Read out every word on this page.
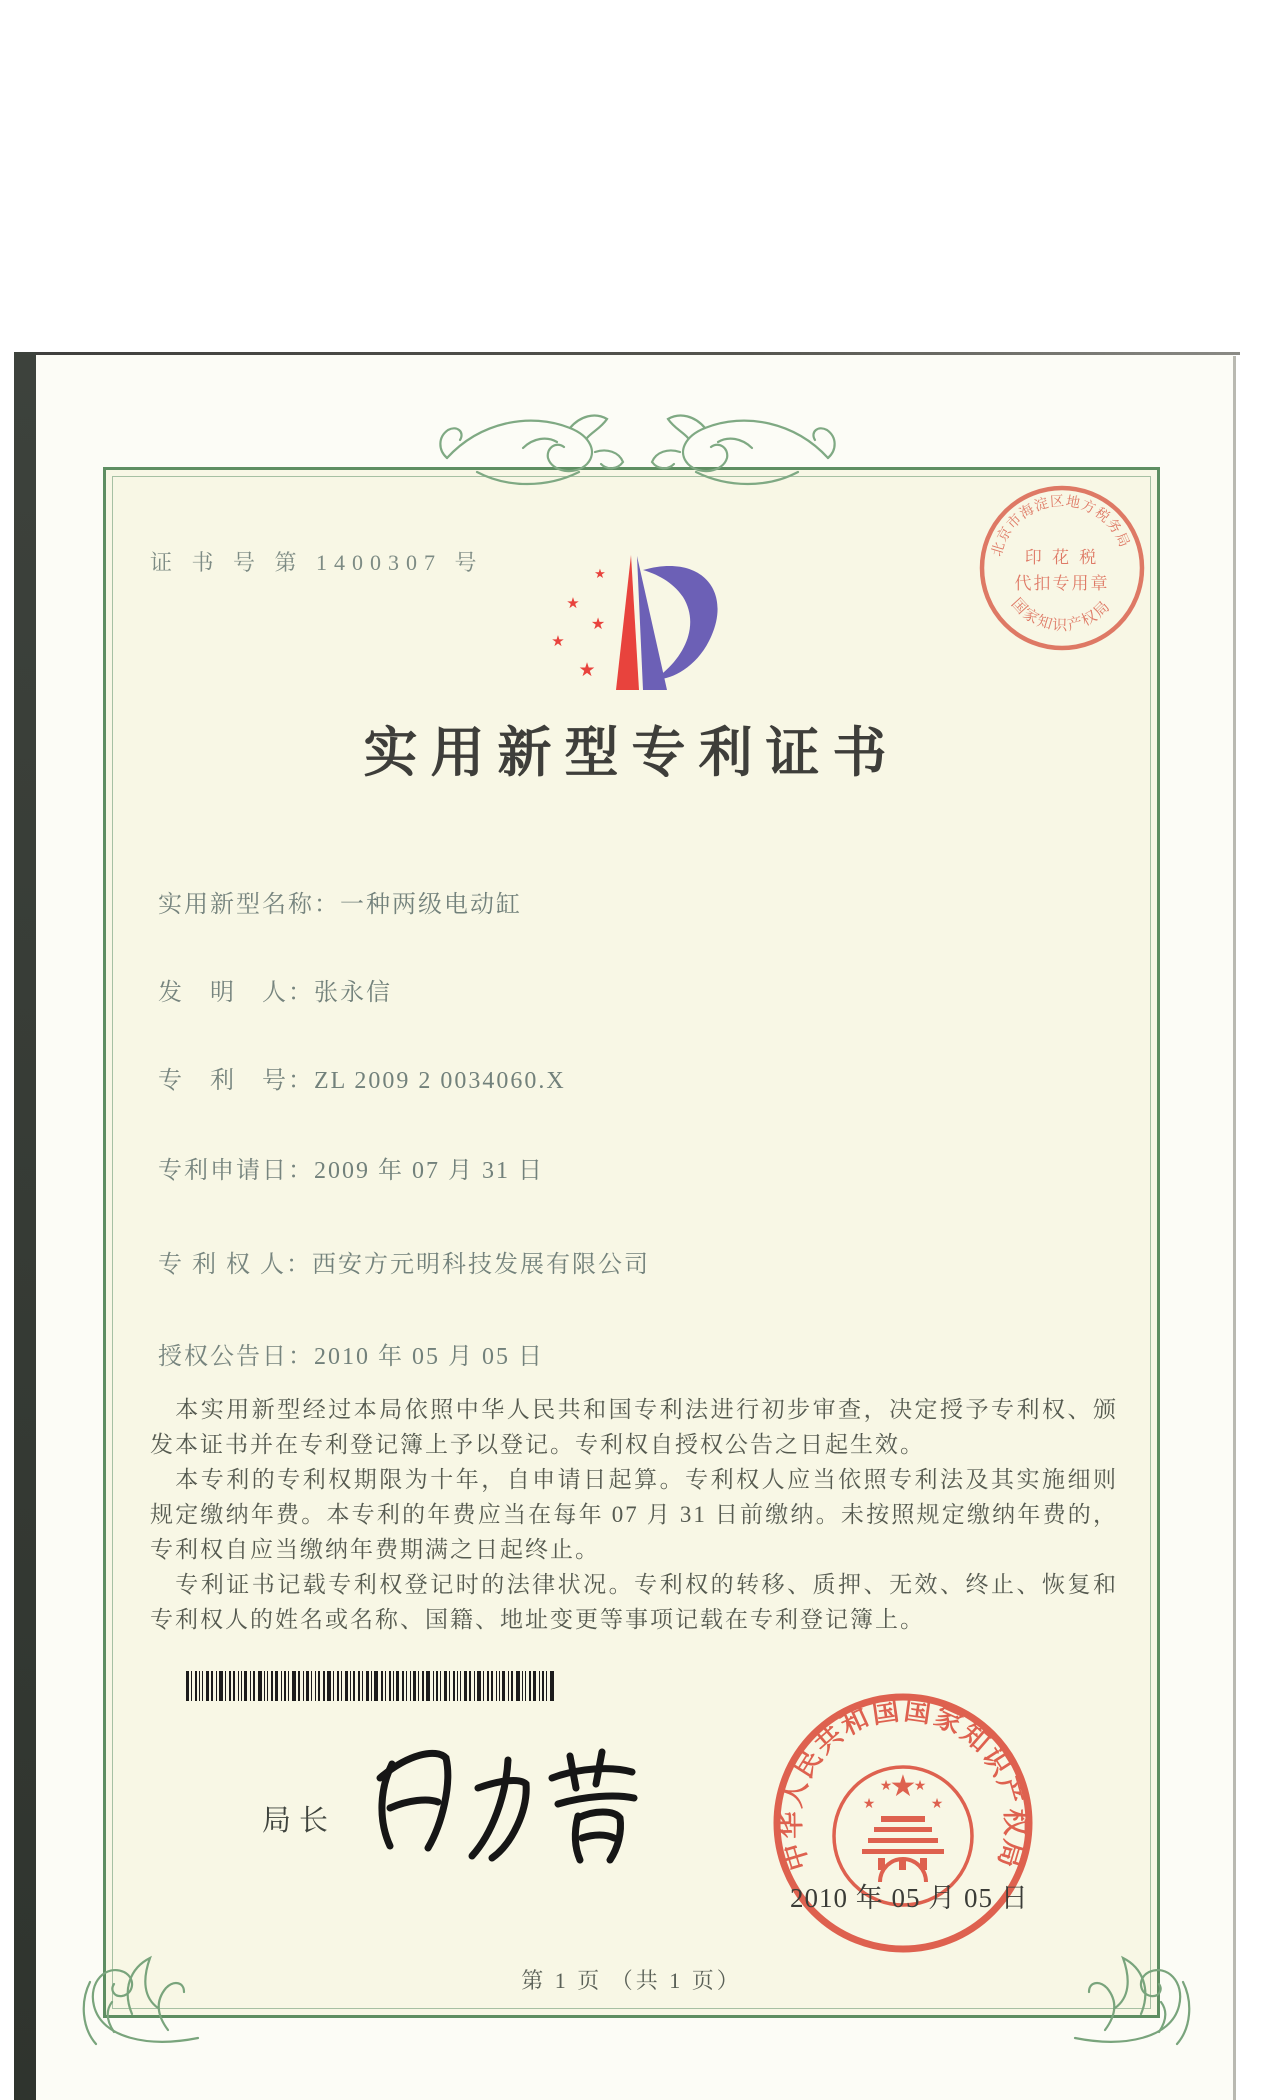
证 书 号 第 1400307 号	★
★
★
★
★
实用新型专利证书
实用新型名称：一种两级电动缸
发　明　人：张永信
专　利　号：ZL 2009 2 0034060.X
专利申请日：2009 年 07 月 31 日
专 利 权 人：西安方元明科技发展有限公司
授权公告日：2010 年 05 月 05 日

本实用新型经过本局依照中华人民共和国专利法进行初步审查，决定授予专利权、颁发本证书并在专利登记簿上予以登记。专利权自授权公告之日起生效。

本专利的专利权期限为十年，自申请日起算。专利权人应当依照专利法及其实施细则规定缴纳年费。本专利的年费应当在每年 07 月 31 日前缴纳。未按照规定缴纳年费的，专利权自应当缴纳年费期满之日起终止。

专利证书记载专利权登记时的法律状况。专利权的转移、质押、无效、终止、恢复和专利权人的姓名或名称、国籍、地址变更等事项记载在专利登记簿上。

局长
中华人民共和国国家知识产权局
★
★
★ ★
★
2010 年 05 月 05 日
第 1 页 （共 1 页）
北京市海淀区地方税务局
国家知识产权局
印 花 税
代扣专用章
